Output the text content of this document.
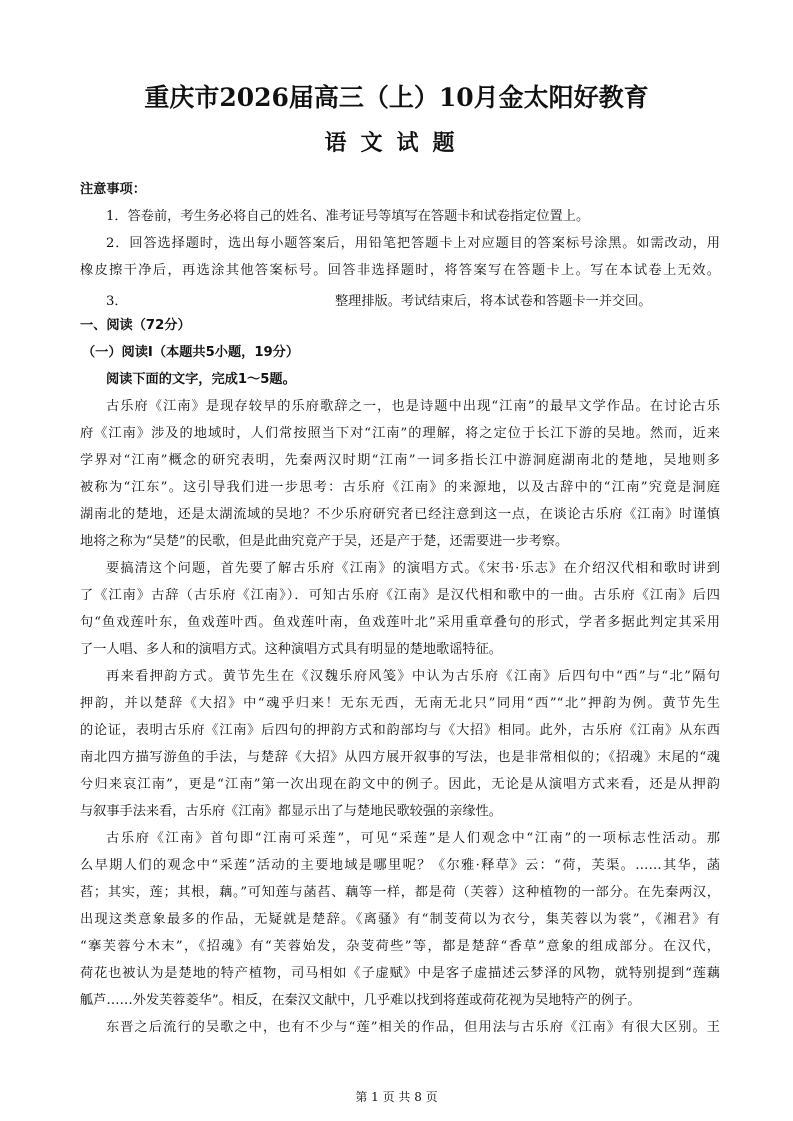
重庆市2026届高三（上）10月金太阳好教育
语文试题
注意事项：
1．答卷前，考生务必将自己的姓名、准考证号等填写在答题卡和试卷指定位置上。
2．回答选择题时，选出每小题答案后，用铅笔把答题卡上对应题目的答案标号涂黑。如需改动，用
橡皮擦干净后，再选涂其他答案标号。回答非选择题时，将答案写在答题卡上。写在本试卷上无效。
3．	整理排版。考试结束后，将本试卷和答题卡一并交回。
一、阅读（72分）
（一）阅读Ⅰ（本题共5小题，19分）
阅读下面的文字，完成1～5题。
古乐府《江南》是现存较早的乐府歌辞之一，也是诗题中出现“江南”的最早文学作品。在讨论古乐
府《江南》涉及的地域时，人们常按照当下对“江南”的理解，将之定位于长江下游的吴地。然而，近来
学界对“江南”概念的研究表明，先秦两汉时期“江南”一词多指长江中游洞庭湖南北的楚地，吴地则多
被称为“江东”。这引导我们进一步思考：古乐府《江南》的来源地，以及古辞中的“江南”究竟是洞庭
湖南北的楚地，还是太湖流域的吴地？不少乐府研究者已经注意到这一点，在谈论古乐府《江南》时谨慎
地将之称为“吴楚”的民歌，但是此曲究竟产于吴，还是产于楚，还需要进一步考察。
要搞清这个问题，首先要了解古乐府《江南》的演唱方式。《宋书·乐志》在介绍汉代相和歌时讲到
了《江南》古辞（古乐府《江南》）．可知古乐府《江南》是汉代相和歌中的一曲。古乐府《江南》后四
句“鱼戏莲叶东，鱼戏莲叶西。鱼戏莲叶南，鱼戏莲叶北”采用重章叠句的形式，学者多据此判定其采用
了一人唱、多人和的演唱方式。这种演唱方式具有明显的楚地歌谣特征。
再来看押韵方式。黄节先生在《汉魏乐府风笺》中认为古乐府《江南》后四句中“西”与“北”隔句
押韵，并以楚辞《大招》中“魂乎归来！无东无西，无南无北只”同用“西”“北”押韵为例。黄节先生
的论证，表明古乐府《江南》后四句的押韵方式和韵部均与《大招》相同。此外，古乐府《江南》从东西
南北四方描写游鱼的手法，与楚辞《大招》从四方展开叙事的写法，也是非常相似的；《招魂》末尾的“魂
兮归来哀江南”，更是“江南”第一次出现在韵文中的例子。因此，无论是从演唱方式来看，还是从押韵
与叙事手法来看，古乐府《江南》都显示出了与楚地民歌较强的亲缘性。
古乐府《江南》首句即“江南可采莲”，可见“采莲”是人们观念中“江南”的一项标志性活动。那
么早期人们的观念中“采莲”活动的主要地域是哪里呢？《尔雅·释草》云：“荷，芙渠。……其华，菡
萏；其实，莲；其根，藕。”可知莲与菡萏、藕等一样，都是荷（芙蓉）这种植物的一部分。在先秦两汉，
出现这类意象最多的作品，无疑就是楚辞。《离骚》有“制芰荷以为衣兮，集芙蓉以为裳”，《湘君》有
“搴芙蓉兮木末”，《招魂》有“芙蓉始发，杂芰荷些”等，都是楚辞“香草”意象的组成部分。在汉代，
荷花也被认为是楚地的特产植物，司马相如《子虚赋》中是客子虚描述云梦泽的风物，就特别提到“莲藕
觚芦……外发芙蓉菱华”。相反，在秦汉文献中，几乎难以找到将莲或荷花视为吴地特产的例子。
东晋之后流行的吴歌之中，也有不少与“莲”相关的作品，但用法与古乐府《江南》有很大区别。王
第 1 页 共 8 页
